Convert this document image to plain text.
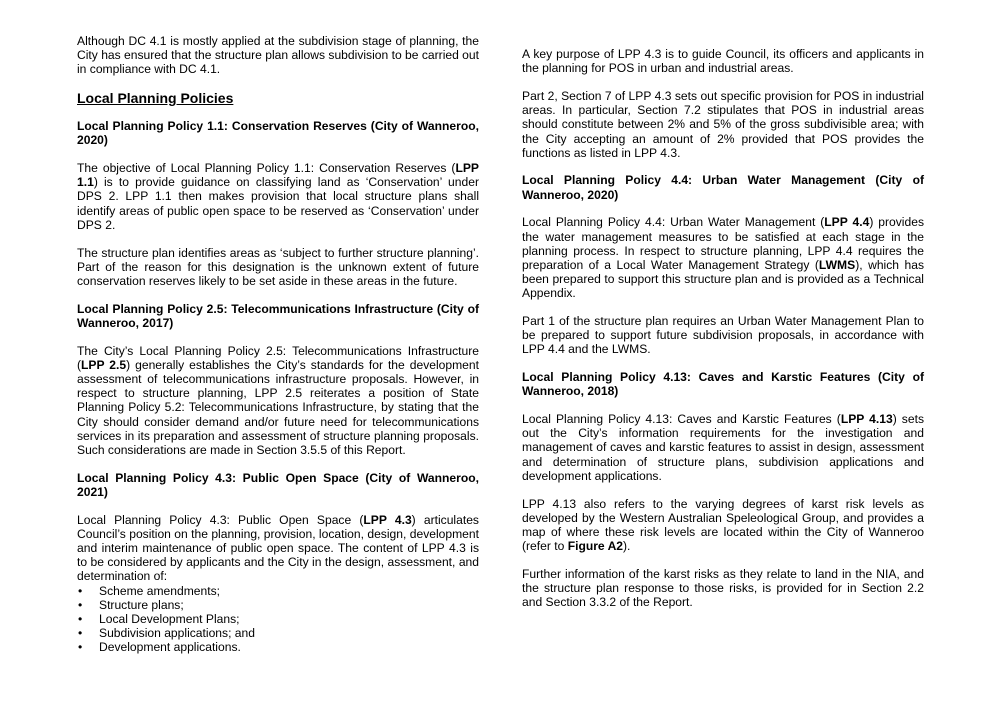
Although DC 4.1 is mostly applied at the subdivision stage of planning, the City has ensured that the structure plan allows subdivision to be carried out in compliance with DC 4.1.

Local Planning Policies
Local Planning Policy 1.1: Conservation Reserves (City of Wanneroo, 2020)

The objective of Local Planning Policy 1.1: Conservation Reserves (LPP 1.1) is to provide guidance on classifying land as ‘Conservation’ under DPS 2. LPP 1.1 then makes provision that local structure plans shall identify areas of public open space to be reserved as ‘Conservation’ under DPS 2.

The structure plan identifies areas as ‘subject to further structure planning’. Part of the reason for this designation is the unknown extent of future conservation reserves likely to be set aside in these areas in the future.

Local Planning Policy 2.5: Telecommunications Infrastructure (City of Wanneroo, 2017)

The City’s Local Planning Policy 2.5: Telecommunications Infrastructure (LPP 2.5) generally establishes the City’s standards for the development assessment of telecommunications infrastructure proposals. However, in respect to structure planning, LPP 2.5 reiterates a position of State Planning Policy 5.2: Telecommunications Infrastructure, by stating that the City should consider demand and/or future need for telecommunications services in its preparation and assessment of structure planning proposals. Such considerations are made in Section 3.5.5 of this Report.

Local Planning Policy 4.3: Public Open Space (City of Wanneroo, 2021)

Local Planning Policy 4.3: Public Open Space (LPP 4.3) articulates Council’s position on the planning, provision, location, design, development and interim maintenance of public open space. The content of LPP 4.3 is to be considered by applicants and the City in the design, assessment, and determination of:

• Scheme amendments;
• Structure plans;
• Local Development Plans;
• Subdivision applications; and
• Development applications.

A key purpose of LPP 4.3 is to guide Council, its officers and applicants in the planning for POS in urban and industrial areas.

Part 2, Section 7 of LPP 4.3 sets out specific provision for POS in industrial areas. In particular, Section 7.2 stipulates that POS in industrial areas should constitute between 2% and 5% of the gross subdivisible area; with the City accepting an amount of 2% provided that POS provides the functions as listed in LPP 4.3.

Local Planning Policy 4.4: Urban Water Management (City of Wanneroo, 2020)

Local Planning Policy 4.4: Urban Water Management (LPP 4.4) provides the water management measures to be satisfied at each stage in the planning process. In respect to structure planning, LPP 4.4 requires the preparation of a Local Water Management Strategy (LWMS), which has been prepared to support this structure plan and is provided as a Technical Appendix.

Part 1 of the structure plan requires an Urban Water Management Plan to be prepared to support future subdivision proposals, in accordance with LPP 4.4 and the LWMS.

Local Planning Policy 4.13: Caves and Karstic Features (City of Wanneroo, 2018)

Local Planning Policy 4.13: Caves and Karstic Features (LPP 4.13) sets out the City’s information requirements for the investigation and management of caves and karstic features to assist in design, assessment and determination of structure plans, subdivision applications and development applications.

LPP 4.13 also refers to the varying degrees of karst risk levels as developed by the Western Australian Speleological Group, and provides a map of where these risk levels are located within the City of Wanneroo (refer to Figure A2).

Further information of the karst risks as they relate to land in the NIA, and the structure plan response to those risks, is provided for in Section 2.2 and Section 3.3.2 of the Report.
